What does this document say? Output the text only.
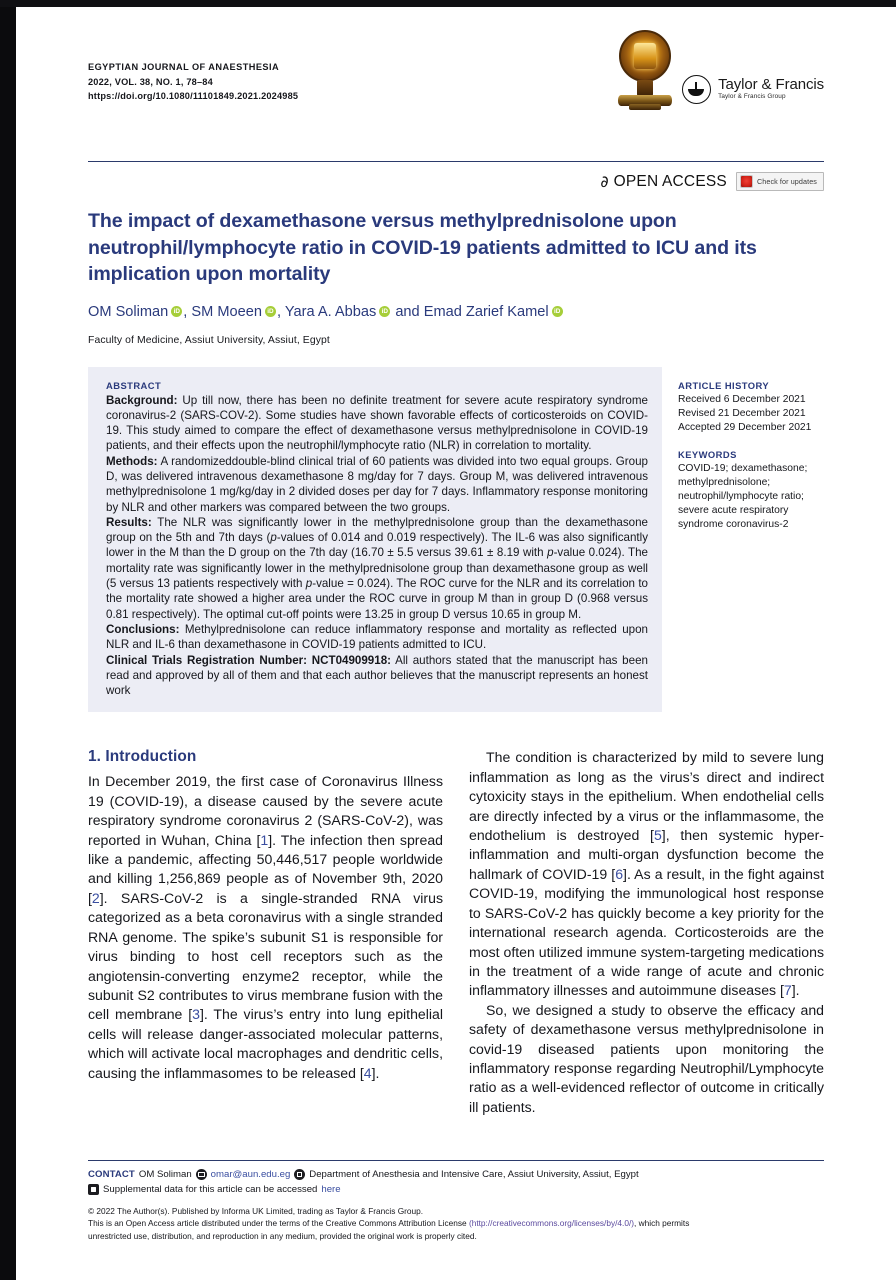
EGYPTIAN JOURNAL OF ANAESTHESIA
2022, VOL. 38, NO. 1, 78–84
https://doi.org/10.1080/11101849.2021.2024985
Taylor & Francis
Taylor & Francis Group
∂ OPEN ACCESS	Check for updates
The impact of dexamethasone versus methylprednisolone upon neutrophil/lymphocyte ratio in COVID-19 patients admitted to ICU and its implication upon mortality
OM Soliman iD , SM Moeen iD , Yara A. AbbasiD and Emad Zarief KameliD
Faculty of Medicine, Assiut University, Assiut, Egypt
ABSTRACT

Background: Up till now, there has been no definite treatment for severe acute respiratory syndrome coronavirus-2 (SARS-COV-2). Some studies have shown favorable effects of corticosteroids on COVID-19. This study aimed to compare the effect of dexamethasone versus methylprednisolone in COVID-19 patients, and their effects upon the neutrophil/lymphocyte ratio (NLR) in correlation to mortality.

Methods: A randomizeddouble-blind clinical trial of 60 patients was divided into two equal groups. Group D, was delivered intravenous dexamethasone 8 mg/day for 7 days. Group M, was delivered intravenous methylprednisolone 1 mg/kg/day in 2 divided doses per day for 7 days. Inflammatory response monitoring by NLR and other markers was compared between the two groups.

Results: The NLR was significantly lower in the methylprednisolone group than the dexamethasone group on the 5th and 7th days (p-values of 0.014 and 0.019 respectively). The IL-6 was also significantly lower in the M than the D group on the 7th day (16.70 ± 5.5 versus 39.61 ± 8.19 with p-value 0.024). The mortality rate was significantly lower in the methylprednisolone group than dexamethasone group as well (5 versus 13 patients respectively with p-value = 0.024). The ROC curve for the NLR and its correlation to the mortality rate showed a higher area under the ROC curve in group M than in group D (0.968 versus 0.81 respectively). The optimal cut-off points were 13.25 in group D versus 10.65 in group M.

Conclusions: Methylprednisolone can reduce inflammatory response and mortality as reflected upon NLR and IL-6 than dexamethasone in COVID-19 patients admitted to ICU.

Clinical Trials Registration Number: NCT04909918: All authors stated that the manuscript has been read and approved by all of them and that each author believes that the manuscript represents an honest work

ARTICLE HISTORY
Received 6 December 2021
Revised 21 December 2021
Accepted 29 December 2021
KEYWORDS
COVID-19; dexamethasone;
methylprednisolone;
neutrophil/lymphocyte ratio;
severe acute respiratory
syndrome coronavirus-2
1. Introduction

In December 2019, the first case of Coronavirus Illness 19 (COVID-19), a disease caused by the severe acute respiratory syndrome coronavirus 2 (SARS-CoV-2), was reported in Wuhan, China [1]. The infection then spread like a pandemic, affecting 50,446,517 people worldwide and killing 1,256,869 people as of November 9th, 2020 [2]. SARS-CoV-2 is a single-stranded RNA virus categorized as a beta coronavirus with a single stranded RNA genome. The spike’s subunit S1 is responsible for virus binding to host cell receptors such as the angiotensin-converting enzyme2 receptor, while the subunit S2 contributes to virus membrane fusion with the cell membrane [3]. The virus’s entry into lung epithelial cells will release danger-associated molecular patterns, which will activate local macrophages and dendritic cells, causing the inflammasomes to be released [4].

The condition is characterized by mild to severe lung inflammation as long as the virus’s direct and indirect cytoxicity stays in the epithelium. When endothelial cells are directly infected by a virus or the inflammasome, the endothelium is destroyed [5], then systemic hyper-inflammation and multi-organ dysfunction become the hallmark of COVID-19 [6]. As a result, in the fight against COVID-19, modifying the immunological host response to SARS-CoV-2 has quickly become a key priority for the international research agenda. Corticosteroids are the most often utilized immune system-targeting medications in the treatment of a wide range of acute and chronic inflammatory illnesses and autoimmune diseases [7].

So, we designed a study to observe the efficacy and safety of dexamethasone versus methylprednisolone in covid-19 diseased patients upon monitoring the inflammatory response regarding Neutrophil/Lymphocyte ratio as a well-evidenced reflector of outcome in critically ill patients.

CONTACT OM Soliman omar@aun.edu.eg Department of Anesthesia and Intensive Care, Assiut University, Assiut, Egypt
Supplemental data for this article can be accessed here
© 2022 The Author(s). Published by Informa UK Limited, trading as Taylor & Francis Group.
This is an Open Access article distributed under the terms of the Creative Commons Attribution License (http://creativecommons.org/licenses/by/4.0/), which permits
unrestricted use, distribution, and reproduction in any medium, provided the original work is properly cited.
